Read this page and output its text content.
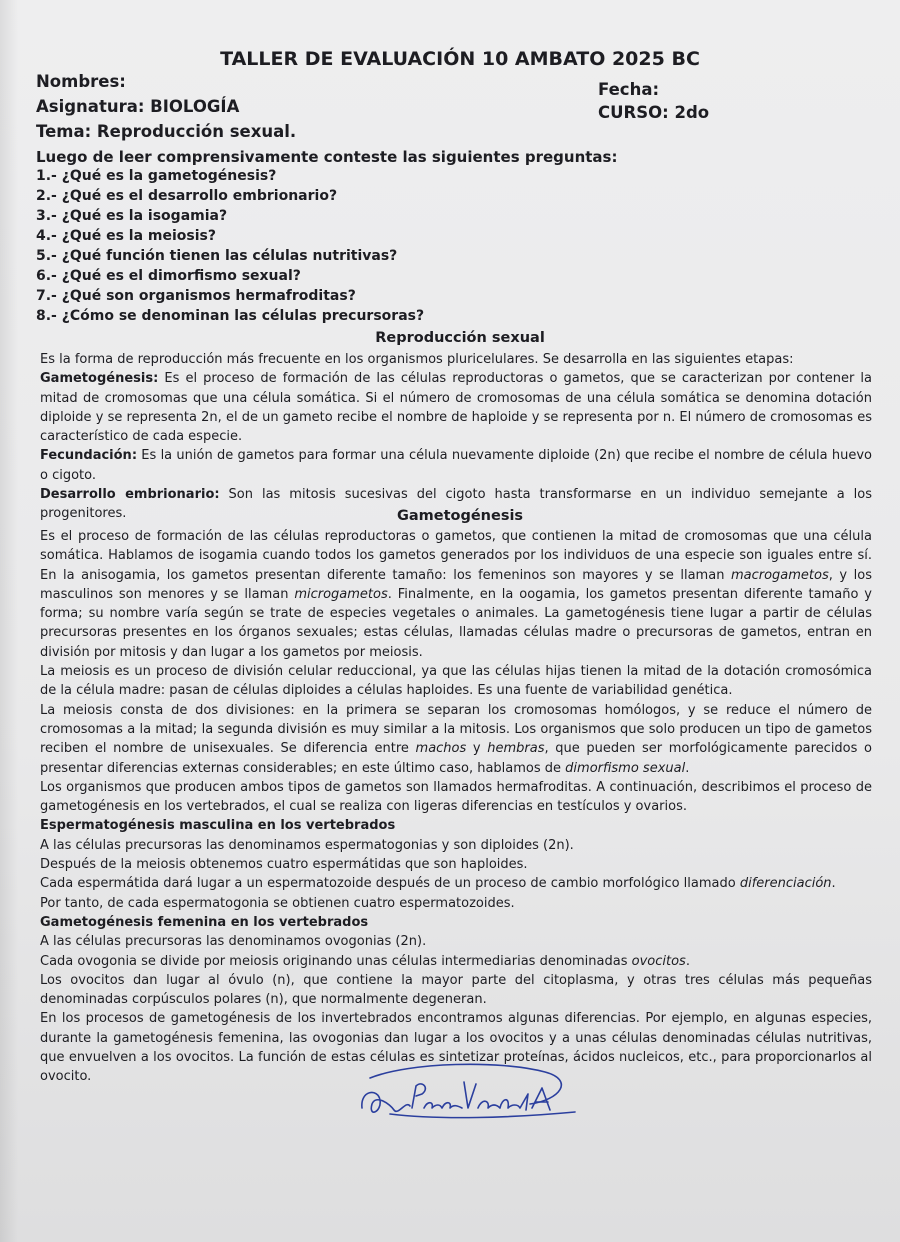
TALLER DE EVALUACIÓN 10 AMBATO 2025 BC
Nombres:	Fecha:
Asignatura: BIOLOGÍA	CURSO: 2do
Tema: Reproducción sexual.
Luego de leer comprensivamente conteste las siguientes preguntas:
1.- ¿Qué es la gametogénesis?
2.- ¿Qué es el desarrollo embrionario?
3.- ¿Qué es la isogamia?
4.- ¿Qué es la meiosis?
5.- ¿Qué función tienen las células nutritivas?
6.- ¿Qué es el dimorfismo sexual?
7.- ¿Qué son organismos hermafroditas?
8.- ¿Cómo se denominan las células precursoras?
Reproducción sexual

Es la forma de reproducción más frecuente en los organismos pluricelulares. Se desarrolla en las siguientes etapas:

Gametogénesis: Es el proceso de formación de las células reproductoras o gametos, que se caracterizan por contener la mitad de cromosomas que una célula somática. Si el número de cromosomas de una célula somática se denomina dotación diploide y se representa 2n, el de un gameto recibe el nombre de haploide y se representa por n. El número de cromosomas es característico de cada especie.

Fecundación: Es la unión de gametos para formar una célula nuevamente diploide (2n) que recibe el nombre de célula huevo o cigoto.

Desarrollo embrionario: Son las mitosis sucesivas del cigoto hasta transformarse en un individuo semejante a los progenitores.	Gametogénesis

Es el proceso de formación de las células reproductoras o gametos, que contienen la mitad de cromosomas que una célula somática. Hablamos de isogamia cuando todos los gametos generados por los individuos de una especie son iguales entre sí. En la anisogamia, los gametos presentan diferente tamaño: los femeninos son mayores y se llaman macrogametos, y los masculinos son menores y se llaman microgametos. Finalmente, en la oogamia, los gametos presentan diferente tamaño y forma; su nombre varía según se trate de especies vegetales o animales. La gametogénesis tiene lugar a partir de células precursoras presentes en los órganos sexuales; estas células, llamadas células madre o precursoras de gametos, entran en división por mitosis y dan lugar a los gametos por meiosis.

La meiosis es un proceso de división celular reduccional, ya que las células hijas tienen la mitad de la dotación cromosómica de la célula madre: pasan de células diploides a células haploides. Es una fuente de variabilidad genética.

La meiosis consta de dos divisiones: en la primera se separan los cromosomas homólogos, y se reduce el número de cromosomas a la mitad; la segunda división es muy similar a la mitosis. Los organismos que solo producen un tipo de gametos reciben el nombre de unisexuales. Se diferencia entre machos y hembras, que pueden ser morfológicamente parecidos o presentar diferencias externas considerables; en este último caso, hablamos de dimorfismo sexual.

Los organismos que producen ambos tipos de gametos son llamados hermafroditas. A continuación, describimos el proceso de gametogénesis en los vertebrados, el cual se realiza con ligeras diferencias en testículos y ovarios.

Espermatogénesis masculina en los vertebrados

A las células precursoras las denominamos espermatogonias y son diploides (2n).

Después de la meiosis obtenemos cuatro espermátidas que son haploides.

Cada espermátida dará lugar a un espermatozoide después de un proceso de cambio morfológico llamado diferenciación.

Por tanto, de cada espermatogonia se obtienen cuatro espermatozoides.

Gametogénesis femenina en los vertebrados

A las células precursoras las denominamos ovogonias (2n).

Cada ovogonia se divide por meiosis originando unas células intermediarias denominadas ovocitos.

Los ovocitos dan lugar al óvulo (n), que contiene la mayor parte del citoplasma, y otras tres células más pequeñas denominadas corpúsculos polares (n), que normalmente degeneran.

En los procesos de gametogénesis de los invertebrados encontramos algunas diferencias. Por ejemplo, en algunas especies, durante la gametogénesis femenina, las ovogonias dan lugar a los ovocitos y a unas células denominadas células nutritivas, que envuelven a los ovocitos. La función de estas células es sintetizar proteínas, ácidos nucleicos, etc., para proporcionarlos al ovocito.
